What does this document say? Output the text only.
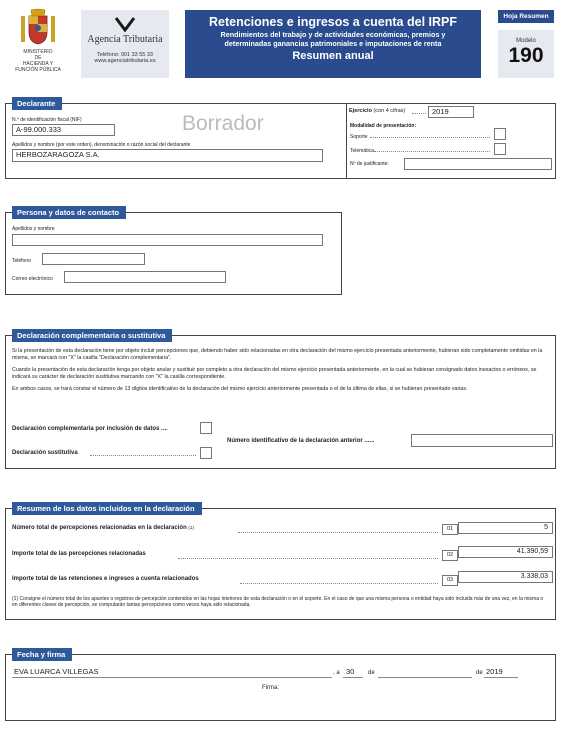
MINISTERIO
DE
HACIENDA Y
FUNCIÓN PÚBLICA
Agencia Tributaria
Teléfono: 901 33 55 33
www.agenciatributaria.es
Retenciones e ingresos a cuenta del IRPF
Rendimientos del trabajo y de actividades económicas, premios y determinadas ganancias patrimoniales e imputaciones de renta
Resumen anual
Hoja Resumen
Modelo
190
Declarante
N.º de identificación fiscal (NIF)
A-99.000.333	Borrador
Apellidos y nombre (por este orden), denominación o razón social del declarante
HERBOZARAGOZA S.A.
Ejercicio (con 4 cifras)	2019
Modalidad de presentación:
Soporte
Telemática
Nº de justificante:
Persona y datos de contacto
Apellidos y nombre
Teléfono
Correo electrónico
Declaración complementaria o sustitutiva
Si la presentación de esta declaración tiene por objeto incluir percepciones que, debiendo haber sido relacionadas en otra declaración del mismo ejercicio presentada anteriormente, hubieran sido completamente omitidas en la misma, se marcará con "X" la casilla "Declaración complementaria".
Cuando la presentación de esta declaración tenga por objeto anular y sustituir por completo a otra declaración del mismo ejercicio presentada anteriormente, en la cual se hubieran consignado datos inexactos o erróneos, se indicará su carácter de declaración sustitutiva marcando con "X" la casilla correspondiente.
En ambos casos, se hará constar el número de 13 dígitos identificativo de la declaración del mismo ejercicio anteriormente presentada o el de la última de ellas, si se hubieran presentado varias.
Declaración complementaria por inclusión de datos ....
Declaración sustitutiva
Número identificativo de la declaración anterior ......
Resumen de los datos incluidos en la declaración
Número total de percepciones relacionadas en la declaración (1)	01	5
Importe total de las percepciones relacionadas	02	41.390,59
Importe total de las retenciones e ingresos a cuenta relacionados	03	3.338,03
(1) Consigne el número total de los apuntes o registros de percepción contenidos en las hojas interiores de esta declaración o en el soporte. En el caso de que una misma persona o entidad haya sido incluida más de una vez, en la misma o en diferentes claves de percepción, se computarán tantas percepciones como veces haya sido relacionada.
Fecha y firma
EVA LUARCA VILLEGAS	, a 30 de	de 2019
Firma:
